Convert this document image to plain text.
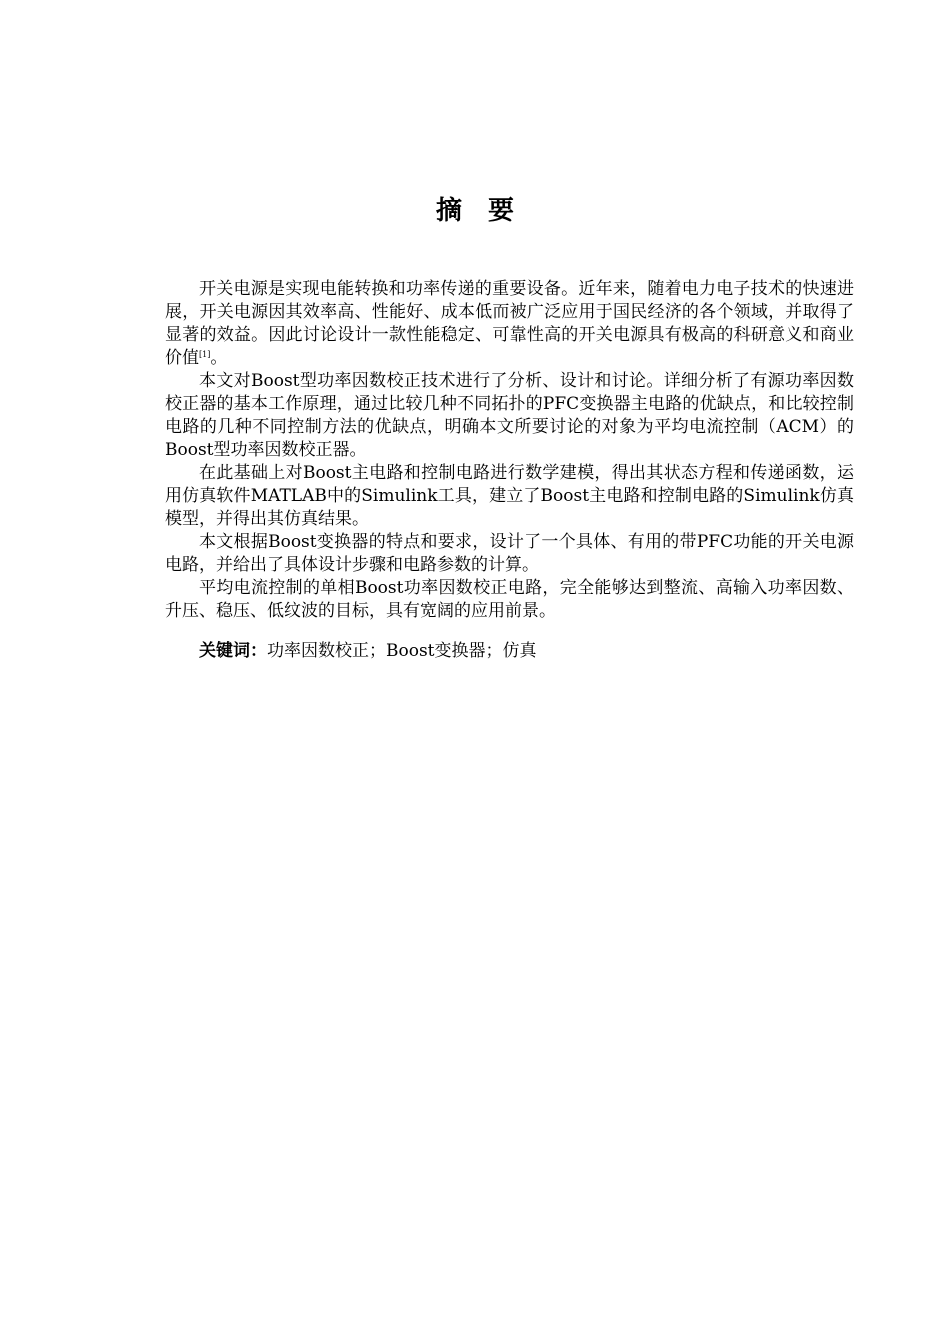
摘 要

开关电源是实现电能转换和功率传递的重要设备。近年来，随着电力电子技术的快速进展，开关电源因其效率高、性能好、成本低而被广泛应用于国民经济的各个领域，并取得了显著的效益。因此讨论设计一款性能稳定、可靠性高的开关电源具有极高的科研意义和商业价值[1]。

本文对Boost型功率因数校正技术进行了分析、设计和讨论。详细分析了有源功率因数校正器的基本工作原理，通过比较几种不同拓扑的PFC变换器主电路的优缺点，和比较控制电路的几种不同控制方法的优缺点，明确本文所要讨论的对象为平均电流控制（ACM）的Boost型功率因数校正器。

在此基础上对Boost主电路和控制电路进行数学建模，得出其状态方程和传递函数，运用仿真软件MATLAB中的Simulink工具，建立了Boost主电路和控制电路的Simulink仿真模型，并得出其仿真结果。

本文根据Boost变换器的特点和要求，设计了一个具体、有用的带PFC功能的开关电源电路，并给出了具体设计步骤和电路参数的计算。

平均电流控制的单相Boost功率因数校正电路，完全能够达到整流、高输入功率因数、升压、稳压、低纹波的目标，具有宽阔的应用前景。

关键词：功率因数校正；Boost变换器；仿真
